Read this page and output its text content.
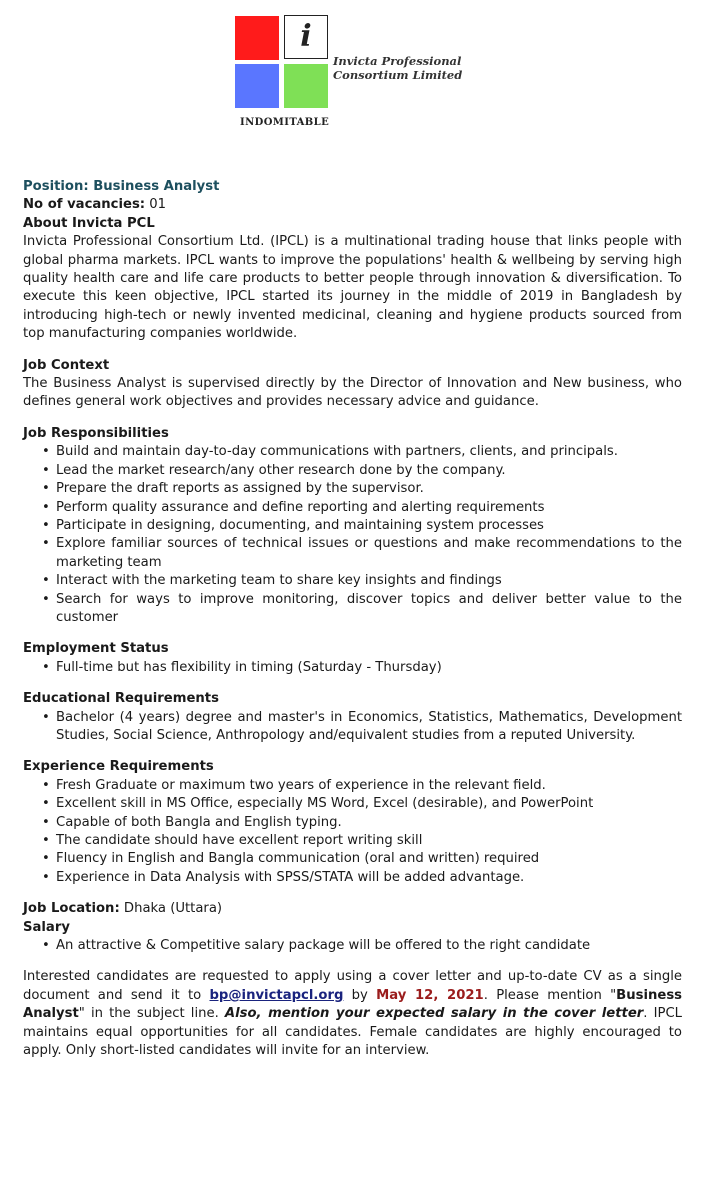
i
Invicta Professional
Consortium Limited
INDOMITABLE

Position: Business Analyst

No of vacancies: 01

About Invicta PCL

Invicta Professional Consortium Ltd. (IPCL) is a multinational trading house that links people with global pharma markets. IPCL wants to improve the populations' health & wellbeing by serving high quality health care and life care products to better people through innovation & diversification. To execute this keen objective, IPCL started its journey in the middle of 2019 in Bangladesh by introducing high-tech or newly invented medicinal, cleaning and hygiene products sourced from top manufacturing companies worldwide.

Job Context

The Business Analyst is supervised directly by the Director of Innovation and New business, who defines general work objectives and provides necessary advice and guidance.

Job Responsibilities

• Build and maintain day-to-day communications with partners, clients, and principals.
• Lead the market research/any other research done by the company.
• Prepare the draft reports as assigned by the supervisor.
• Perform quality assurance and define reporting and alerting requirements
• Participate in designing, documenting, and maintaining system processes
• Explore familiar sources of technical issues or questions and make recommendations to the marketing team
• Interact with the marketing team to share key insights and findings
• Search for ways to improve monitoring, discover topics and deliver better value to the customer

Employment Status

• Full-time but has flexibility in timing (Saturday - Thursday)

Educational Requirements

• Bachelor (4 years) degree and master's in Economics, Statistics, Mathematics, Development Studies, Social Science, Anthropology and/equivalent studies from a reputed University.

Experience Requirements

• Fresh Graduate or maximum two years of experience in the relevant field.
• Excellent skill in MS Office, especially MS Word, Excel (desirable), and PowerPoint
• Capable of both Bangla and English typing.
• The candidate should have excellent report writing skill
• Fluency in English and Bangla communication (oral and written) required
• Experience in Data Analysis with SPSS/STATA will be added advantage.

Job Location: Dhaka (Uttara)

Salary

• An attractive & Competitive salary package will be offered to the right candidate

Interested candidates are requested to apply using a cover letter and up-to-date CV as a single document and send it to bp@invictapcl.org by May 12, 2021. Please mention "Business Analyst" in the subject line. Also, mention your expected salary in the cover letter. IPCL maintains equal opportunities for all candidates. Female candidates are highly encouraged to apply. Only short-listed candidates will invite for an interview.
